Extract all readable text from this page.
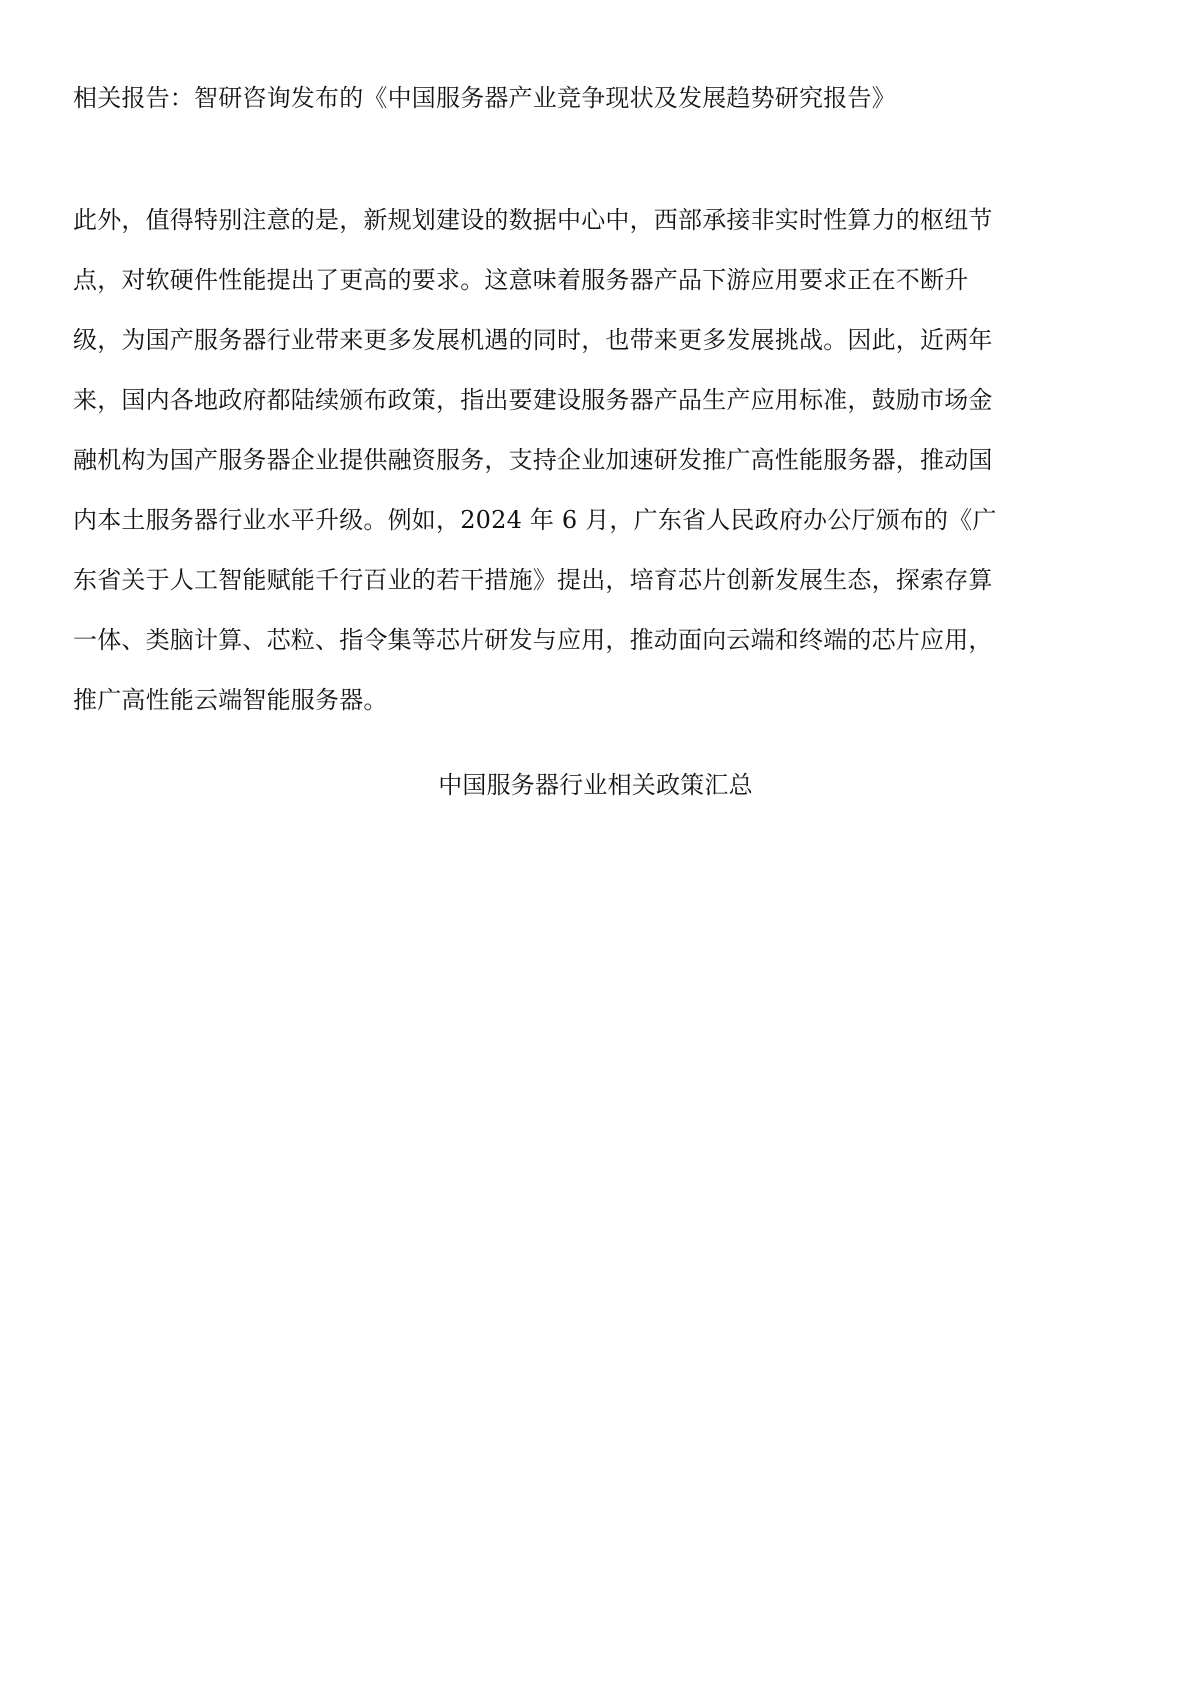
相关报告：智研咨询发布的《中国服务器产业竞争现状及发展趋势研究报告》
此外，值得特别注意的是，新规划建设的数据中心中，西部承接非实时性算力的枢纽节
点，对软硬件性能提出了更高的要求。这意味着服务器产品下游应用要求正在不断升
级，为国产服务器行业带来更多发展机遇的同时，也带来更多发展挑战。因此，近两年
来，国内各地政府都陆续颁布政策，指出要建设服务器产品生产应用标准，鼓励市场金
融机构为国产服务器企业提供融资服务，支持企业加速研发推广高性能服务器，推动国
内本土服务器行业水平升级。例如，2024 年 6 月，广东省人民政府办公厅颁布的《广
东省关于人工智能赋能千行百业的若干措施》提出，培育芯片创新发展生态，探索存算
一体、类脑计算、芯粒、指令集等芯片研发与应用，推动面向云端和终端的芯片应用，
推广高性能云端智能服务器。
中国服务器行业相关政策汇总
